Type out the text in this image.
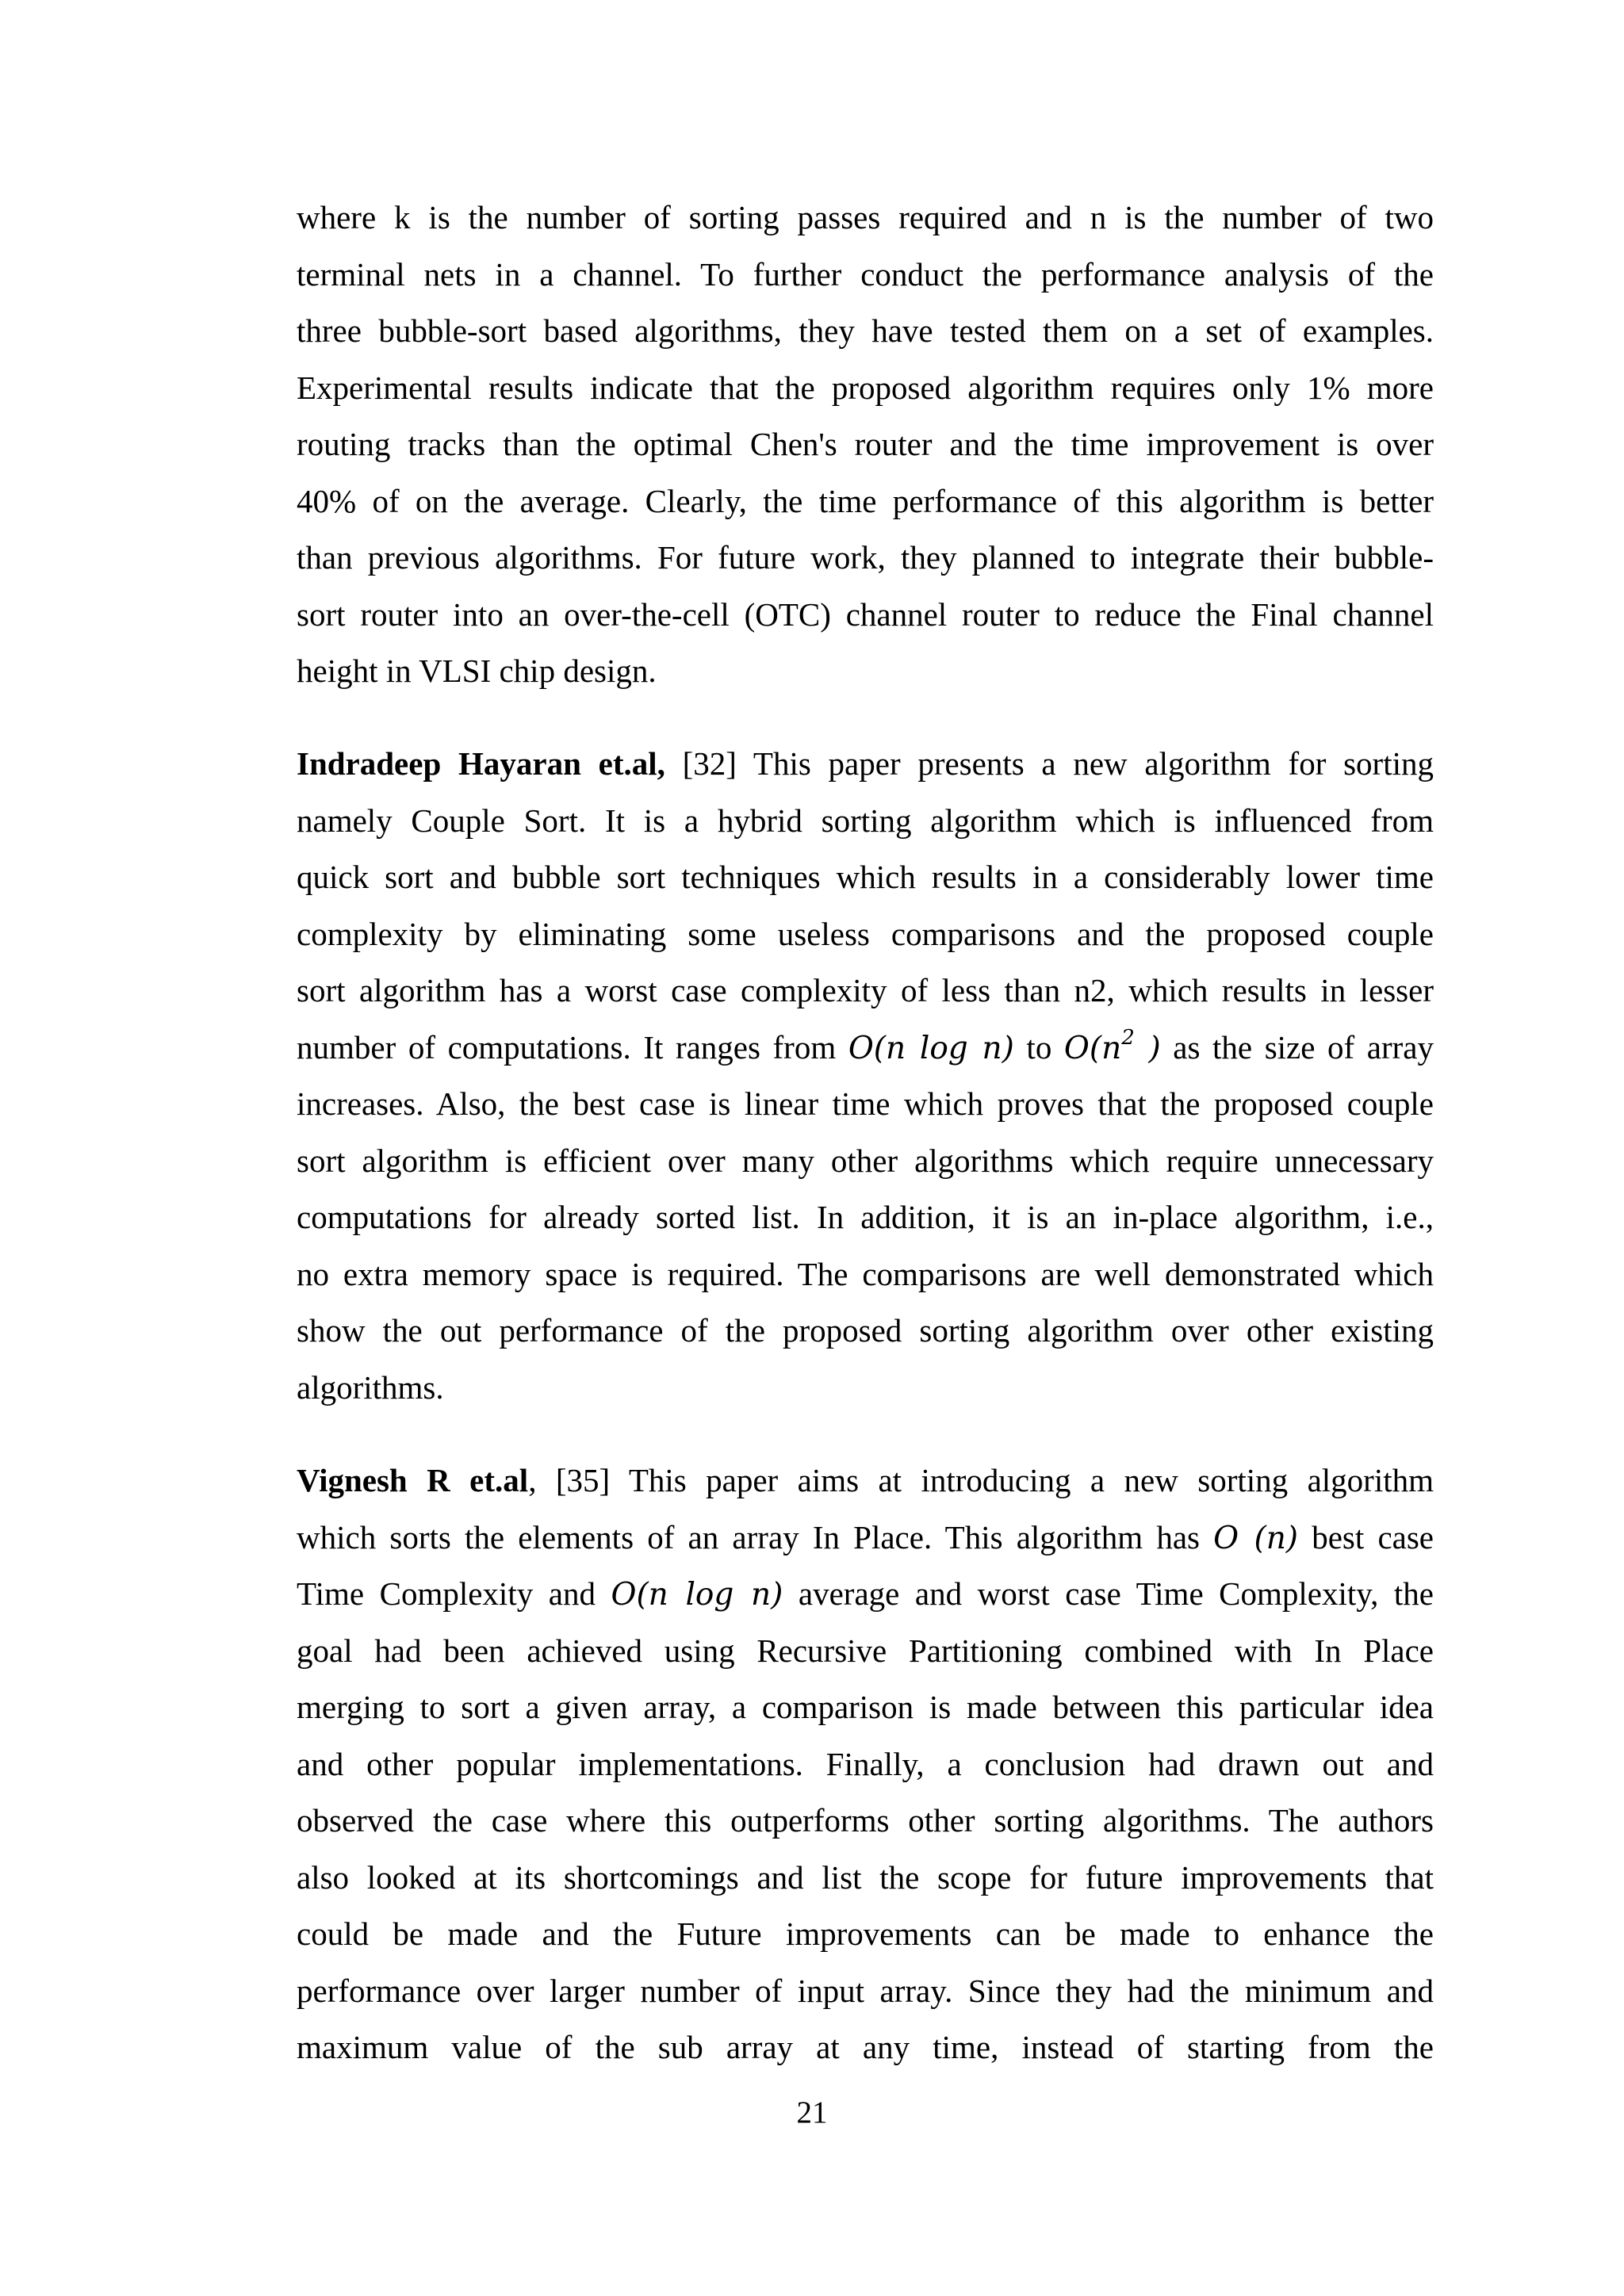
where k is the number of sorting passes required and n is the number of two
terminal nets in a channel. To further conduct the performance analysis of the
three bubble-sort based algorithms, they have tested them on a set of examples.
Experimental results indicate that the proposed algorithm requires only 1% more
routing tracks than the optimal Chen's router and the time improvement is over
40% of on the average. Clearly, the time performance of this algorithm is better
than previous algorithms. For future work, they planned to integrate their bubble-
sort router into an over-the-cell (OTC) channel router to reduce the Final channel
height in VLSI chip design.
Indradeep Hayaran et.al, [32] This paper presents a new algorithm for sorting
namely Couple Sort. It is a hybrid sorting algorithm which is influenced from
quick sort and bubble sort techniques which results in a considerably lower time
complexity by eliminating some useless comparisons and the proposed couple
sort algorithm has a worst case complexity of less than n2, which results in lesser
number of computations. It ranges from O(n log n) to $O(n^2$ ) as the size of array
increases. Also, the best case is linear time which proves that the proposed couple
sort algorithm is efficient over many other algorithms which require unnecessary
computations for already sorted list. In addition, it is an in-place algorithm, i.e.,
no extra memory space is required. The comparisons are well demonstrated which
show the out performance of the proposed sorting algorithm over other existing
algorithms.
Vignesh R et.al, [35] This paper aims at introducing a new sorting algorithm
which sorts the elements of an array In Place. This algorithm has O (n) best case
Time Complexity and O(n log n) average and worst case Time Complexity, the
goal had been achieved using Recursive Partitioning combined with In Place
merging to sort a given array, a comparison is made between this particular idea
and other popular implementations. Finally, a conclusion had drawn out and
observed the case where this outperforms other sorting algorithms. The authors
also looked at its shortcomings and list the scope for future improvements that
could be made and the Future improvements can be made to enhance the
performance over larger number of input array. Since they had the minimum and
maximum value of the sub array at any time, instead of starting from the
21
